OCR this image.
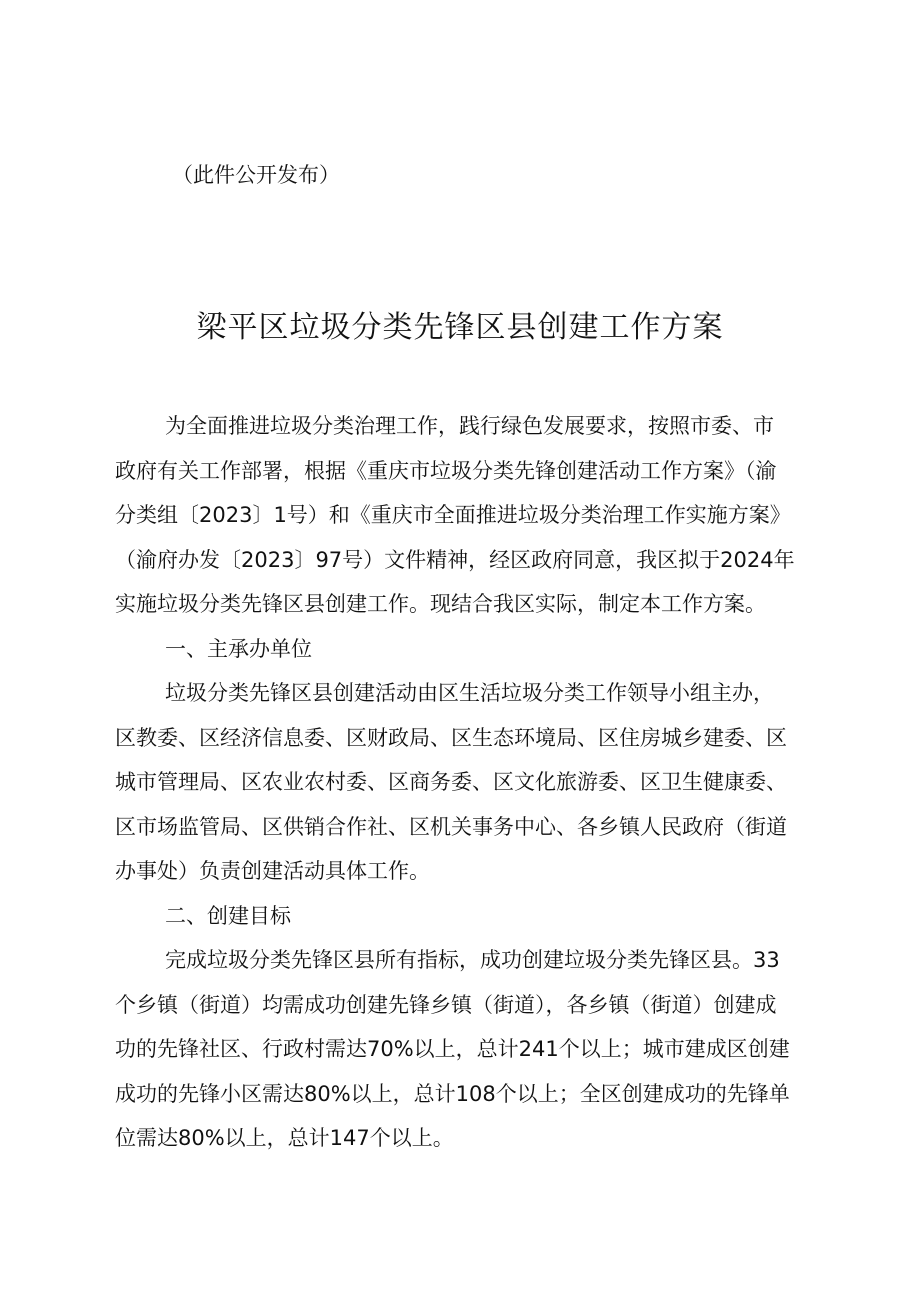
（此件公开发布）
梁平区垃圾分类先锋区县创建工作方案
为全面推进垃圾分类治理工作，践行绿色发展要求，按照市委、市
政府有关工作部署，根据《重庆市垃圾分类先锋创建活动工作方案》（渝
分类组〔2023〕1号）和《重庆市全面推进垃圾分类治理工作实施方案》
（渝府办发〔2023〕97号）文件精神，经区政府同意，我区拟于2024年
实施垃圾分类先锋区县创建工作。现结合我区实际，制定本工作方案。
一、主承办单位
垃圾分类先锋区县创建活动由区生活垃圾分类工作领导小组主办，
区教委、区经济信息委、区财政局、区生态环境局、区住房城乡建委、区
城市管理局、区农业农村委、区商务委、区文化旅游委、区卫生健康委、
区市场监管局、区供销合作社、区机关事务中心、各乡镇人民政府（街道
办事处）负责创建活动具体工作。
二、创建目标
完成垃圾分类先锋区县所有指标，成功创建垃圾分类先锋区县。33
个乡镇（街道）均需成功创建先锋乡镇（街道），各乡镇（街道）创建成
功的先锋社区、行政村需达70%以上，总计241个以上；城市建成区创建
成功的先锋小区需达80%以上，总计108个以上；全区创建成功的先锋单
位需达80%以上，总计147个以上。
